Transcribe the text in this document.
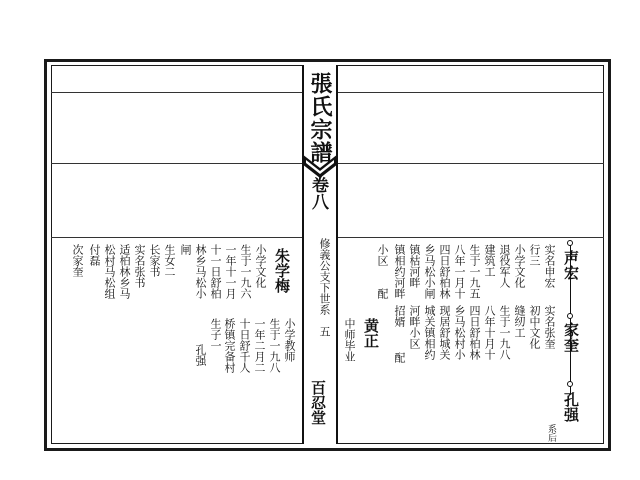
張氏宗譜
卷八
修義公支下世系　五
百忍堂
声宏
家奎
孔强
系后
实名申宏
行三
实名张奎
初中文化
小学文化
退役军人
缝纫工
建筑工
生于一九八
生于一九五
八年十月十
八年一月十
四日舒柏林
四日舒柏林
乡马松小闸
乡马松村小
镇枯河畔
城关镇相约 现居舒城关
河畔小区
镇相约河畔
招婿
小区　　配
配
黄正
中师毕业
朱学梅
小学教师
小学文化
生于一九八
生于一九六
一年二月二
一年十一月
十日舒千人
十一日舒柏
桥镇完备村
林乡马松小
生子一
闸
孔强
生女二
长家书
实名张书
适柏林乡马
松村马松组
付磊
次家奎
